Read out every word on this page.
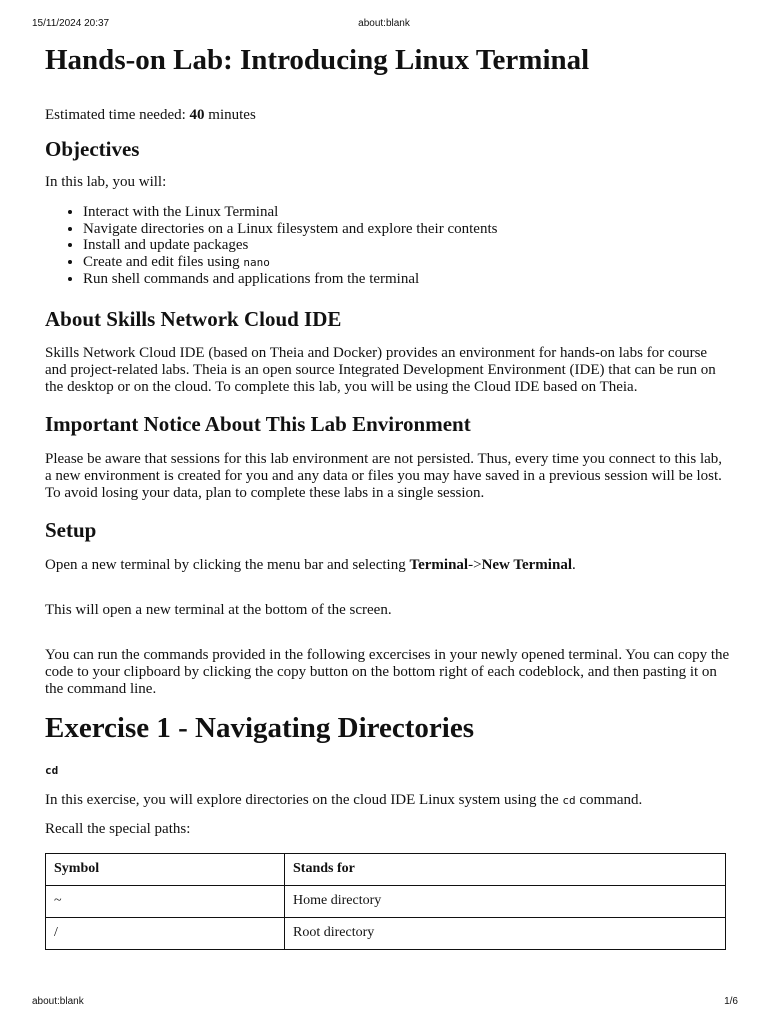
15/11/2024 20:37	about:blank
Hands-on Lab: Introducing Linux Terminal

Estimated time needed: 40 minutes

Objectives

In this lab, you will:

• Interact with the Linux Terminal
• Navigate directories on a Linux filesystem and explore their contents
• Install and update packages
• Create and edit files using nano
• Run shell commands and applications from the terminal
About Skills Network Cloud IDE

Skills Network Cloud IDE (based on Theia and Docker) provides an environment for hands-on labs for course and project-related labs. Theia is an open source Integrated Development Environment (IDE) that can be run on the desktop or on the cloud. To complete this lab, you will be using the Cloud IDE based on Theia.

Important Notice About This Lab Environment

Please be aware that sessions for this lab environment are not persisted. Thus, every time you connect to this lab, a new environment is created for you and any data or files you may have saved in a previous session will be lost. To avoid losing your data, plan to complete these labs in a single session.

Setup

Open a new terminal by clicking the menu bar and selecting Terminal->New Terminal.

This will open a new terminal at the bottom of the screen.

You can run the commands provided in the following excercises in your newly opened terminal. You can copy the code to your clipboard by clicking the copy button on the bottom right of each codeblock, and then pasting it on the command line.

Exercise 1 - Navigating Directories

cd

In this exercise, you will explore directories on the cloud IDE Linux system using the cd command.

Recall the special paths:

Symbol	Stands for
~	Home directory
/	Root directory
about:blank	1/6
